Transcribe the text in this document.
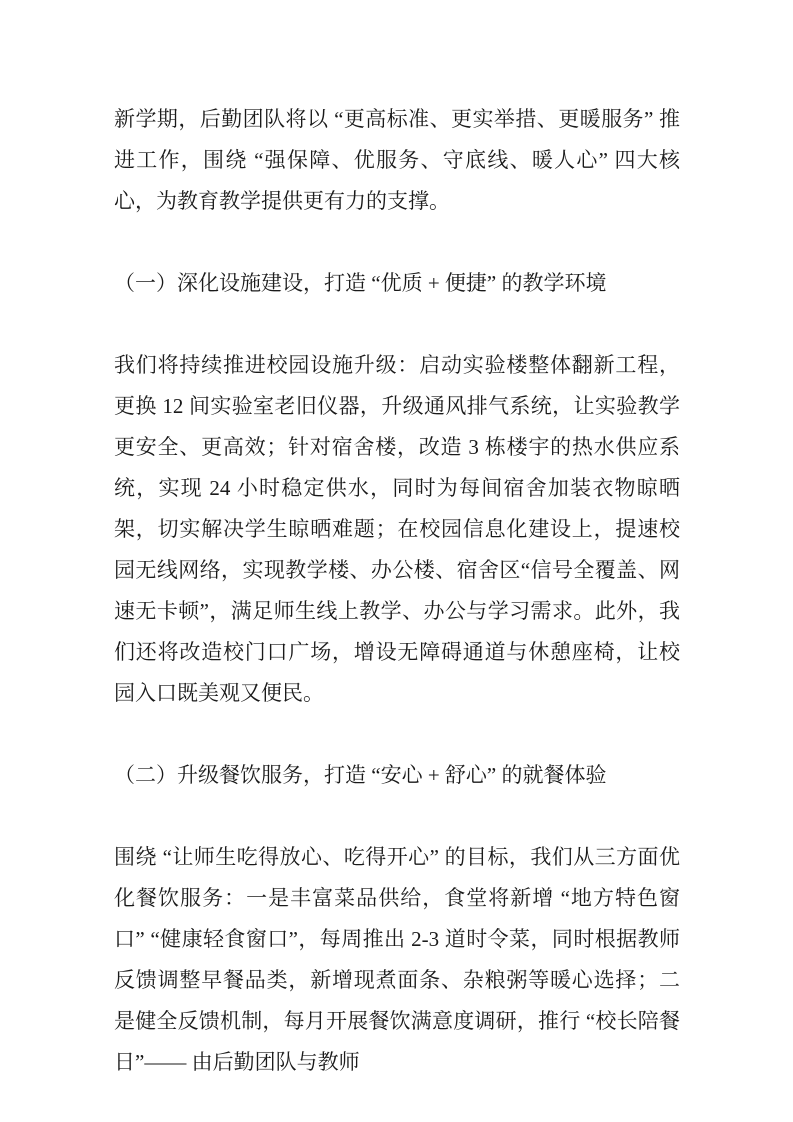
新学期，后勤团队将以 “更高标准、更实举措、更暖服务” 推进工作，围绕 “强保障、优服务、守底线、暖人心” 四大核心，为教育教学提供更有力的支撑。

（一）深化设施建设，打造 “优质 + 便捷” 的教学环境

我们将持续推进校园设施升级：启动实验楼整体翻新工程，更换 12 间实验室老旧仪器，升级通风排气系统，让实验教学更安全、更高效；针对宿舍楼，改造 3 栋楼宇的热水供应系统，实现 24 小时稳定供水，同时为每间宿舍加装衣物晾晒架，切实解决学生晾晒难题；在校园信息化建设上，提速校园无线网络，实现教学楼、办公楼、宿舍区“信号全覆盖、网速无卡顿”，满足师生线上教学、办公与学习需求。此外，我们还将改造校门口广场，增设无障碍通道与休憩座椅，让校园入口既美观又便民。

（二）升级餐饮服务，打造 “安心 + 舒心” 的就餐体验

围绕 “让师生吃得放心、吃得开心” 的目标，我们从三方面优化餐饮服务：一是丰富菜品供给，食堂将新增 “地方特色窗口” “健康轻食窗口”，每周推出 2-3 道时令菜，同时根据教师反馈调整早餐品类，新增现煮面条、杂粮粥等暖心选择；二是健全反馈机制，每月开展餐饮满意度调研，推行 “校长陪餐日”—— 由后勤团队与教师
